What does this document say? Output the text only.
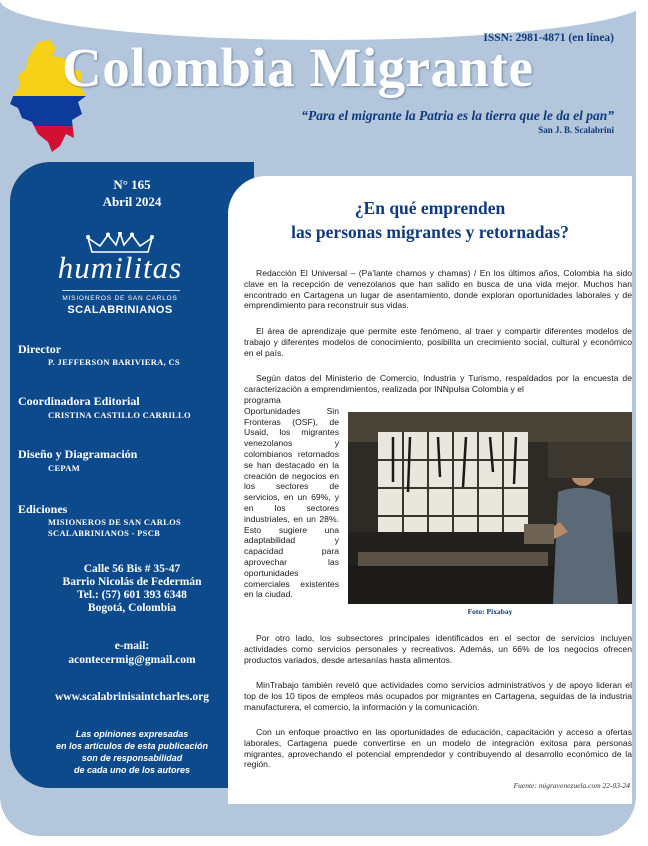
ISSN: 2981-4871 (en línea)
Colombia Migrante
“Para el migrante la Patria es la tierra que le da el pan”
San J. B. Scalabrini
N° 165
Abril 2024
humilitas
MISIONEROS DE SAN CARLOS
SCALABRINIANOS
Director
P. JEFFERSON BARIVIERA, CS
Coordinadora Editorial
CRISTINA CASTILLO CARRILLO
Diseño y Diagramación
CEPAM
Ediciones
MISIONEROS DE SAN CARLOS
SCALABRINIANOS - PSCB
Calle 56 Bis # 35-47
Barrio Nicolás de Federmán
Tel.: (57) 601 393 6348
Bogotá, Colombia
e-mail:
acontecermig@gmail.com
www.scalabrinisaintcharles.org
Las opiniones expresadas
en los artículos de esta publicación
son de responsabilidad
de cada uno de los autores
¿En qué emprenden
las personas migrantes y retornadas?

Redacción El Universal – (Pa’lante chamos y chamas) / En los últimos años, Colombia ha sido clave en la recepción de venezolanos que han salido en busca de una vida mejor. Muchos han encontrado en Cartagena un lugar de asentamiento, donde exploran oportunidades laborales y de emprendimiento para reconstruir sus vidas.

El área de aprendizaje que permite este fenómeno, al traer y compartir diferentes modelos de trabajo y diferentes modelos de conocimiento, posibilita un crecimiento social, cultural y económico en el país.

Según datos del Ministerio de Comercio, Industria y Turismo, respaldados por la encuesta de caracterización a emprendimientos, realizada por INNpulsa Colombia y el

programa Oportunidades Sin Fronteras (OSF), de Usaid, los migrantes venezolanos y colombianos retornados se han destacado en la creación de negocios en los sectores de servicios, en un 69%, y en los sectores industriales, en un 28%. Esto sugiere una adaptabilidad y capacidad para aprovechar las oportunidades comerciales existentes en la ciudad.

Foto: Pixabay

Por otro lado, los subsectores principales identificados en el sector de servicios incluyen actividades como servicios personales y recreativos. Además, un 66% de los negocios ofrecen productos variados, desde artesanías hasta alimentos.

MinTrabajo también reveló que actividades como servicios administrativos y de apoyo lideran el top de los 10 tipos de empleos más ocupados por migrantes en Cartagena, seguidas de la industria manufacturera, el comercio, la información y la comunicación.

Con un enfoque proactivo en las oportunidades de educación, capacitación y acceso a ofertas laborales, Cartagena puede convertirse en un modelo de integración exitosa para personas migrantes, aprovechando el potencial emprendedor y contribuyendo al desarrollo económico de la región.

Fuente: migravenezuela.com 22-03-24
